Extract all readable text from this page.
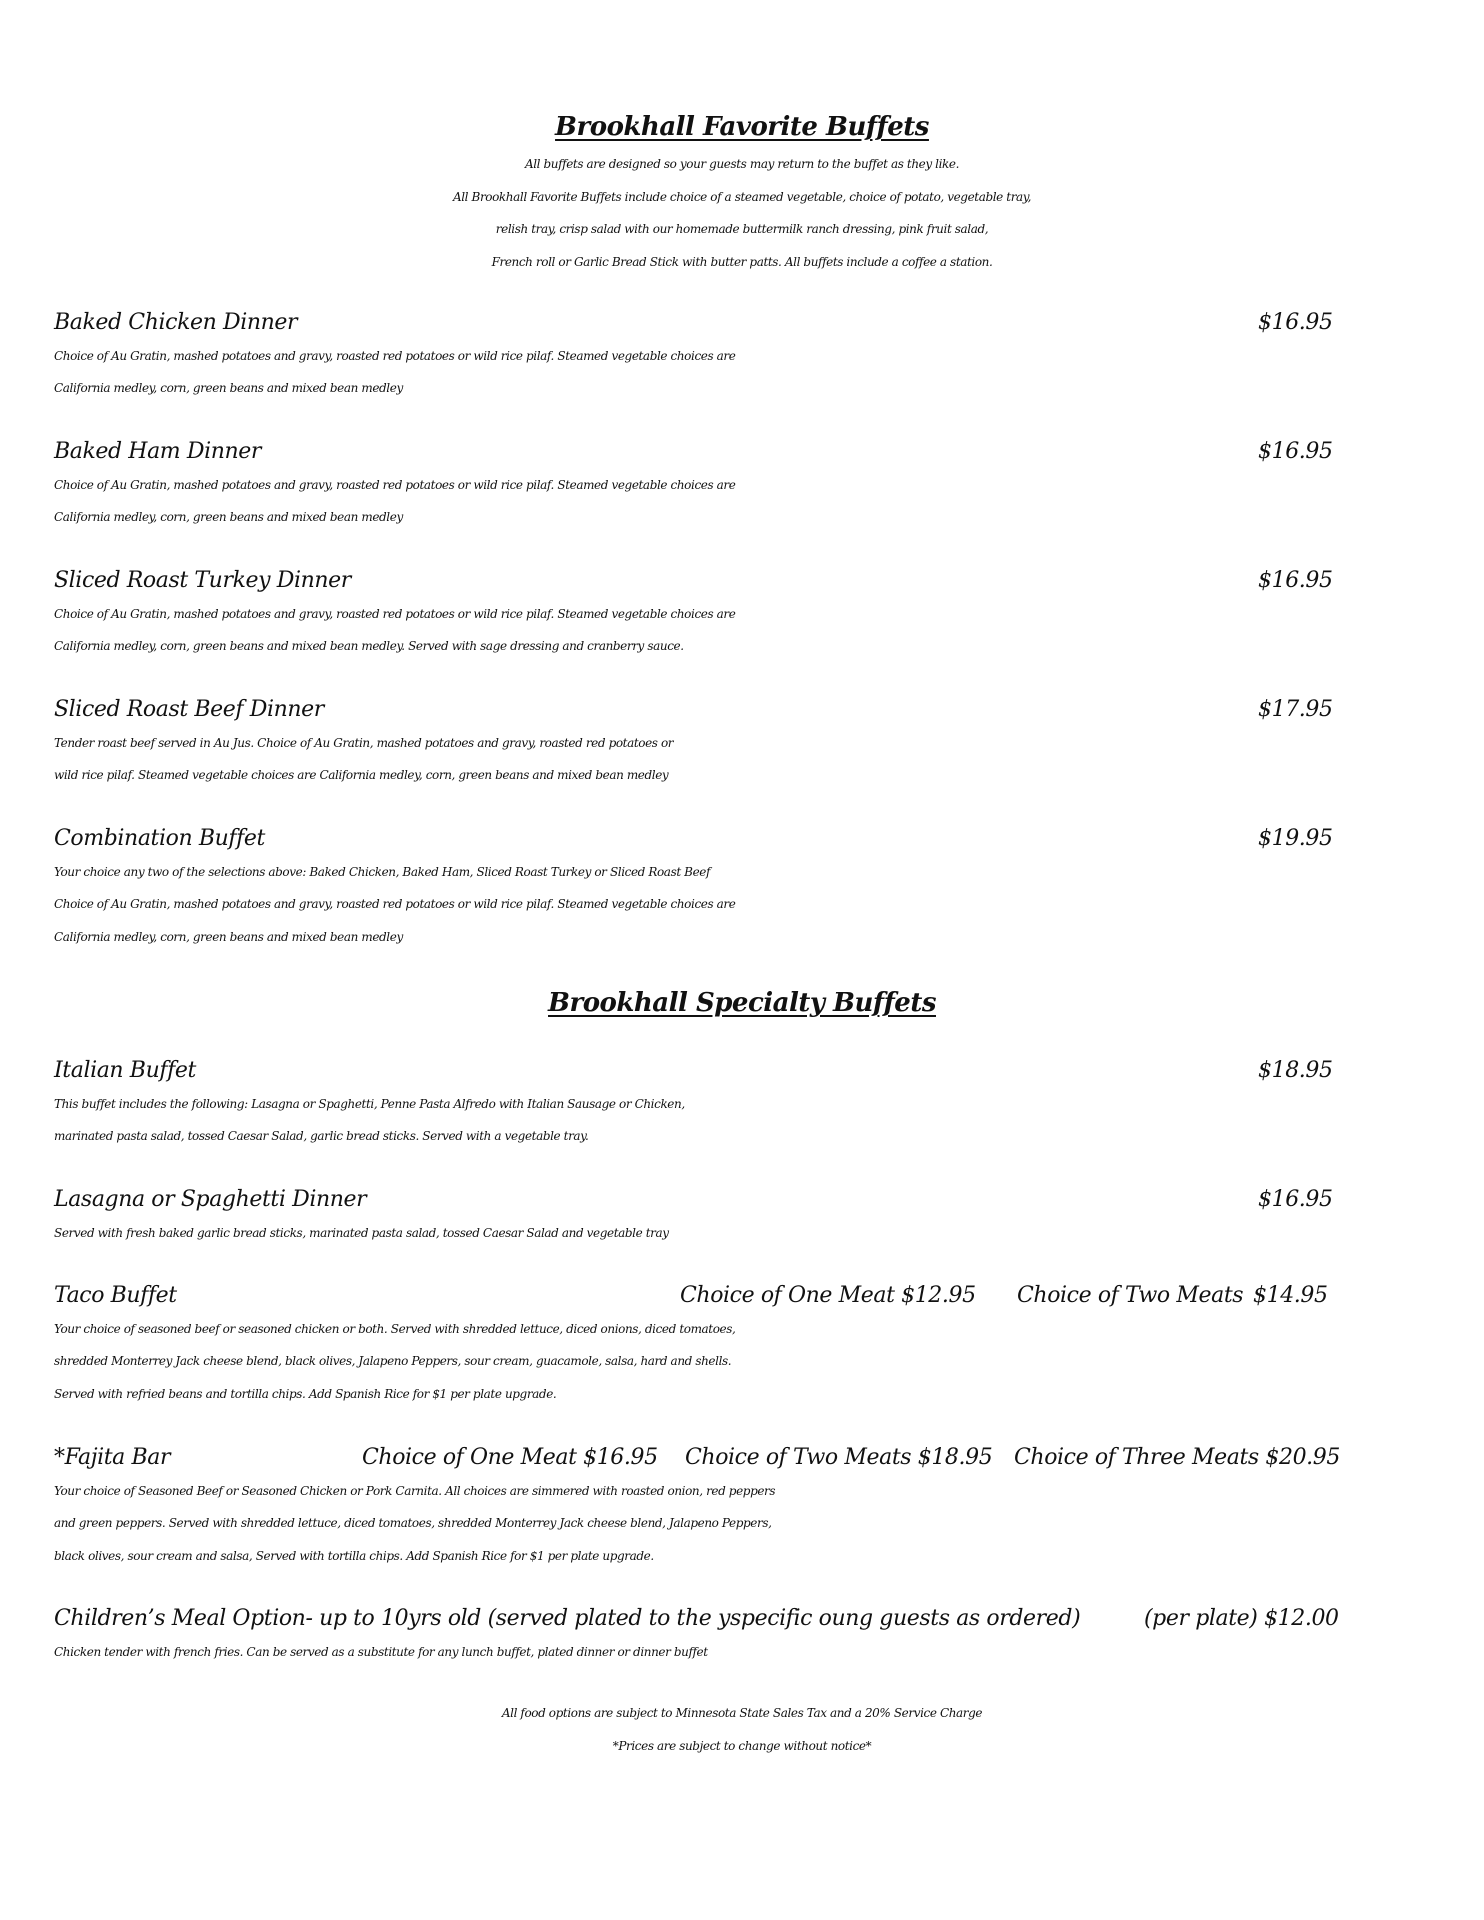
Brookhall Favorite Buffets
All buffets are designed so your guests may return to the buffet as they like.
All Brookhall Favorite Buffets include choice of a steamed vegetable, choice of potato, vegetable tray,
relish tray, crisp salad with our homemade buttermilk ranch dressing, pink fruit salad,
French roll or Garlic Bread Stick with butter patts. All buffets include a coffee a station.
Baked Chicken Dinner	$16.95
Choice of Au Gratin, mashed potatoes and gravy, roasted red potatoes or wild rice pilaf. Steamed vegetable choices are
California medley, corn, green beans and mixed bean medley
Baked Ham Dinner	$16.95
Choice of Au Gratin, mashed potatoes and gravy, roasted red potatoes or wild rice pilaf. Steamed vegetable choices are
California medley, corn, green beans and mixed bean medley
Sliced Roast Turkey Dinner	$16.95
Choice of Au Gratin, mashed potatoes and gravy, roasted red potatoes or wild rice pilaf. Steamed vegetable choices are
California medley, corn, green beans and mixed bean medley. Served with sage dressing and cranberry sauce.
Sliced Roast Beef Dinner	$17.95
Tender roast beef served in Au Jus. Choice of Au Gratin, mashed potatoes and gravy, roasted red potatoes or
wild rice pilaf. Steamed vegetable choices are California medley, corn, green beans and mixed bean medley
Combination Buffet	$19.95
Your choice any two of the selections above: Baked Chicken, Baked Ham, Sliced Roast Turkey or Sliced Roast Beef
Choice of Au Gratin, mashed potatoes and gravy, roasted red potatoes or wild rice pilaf. Steamed vegetable choices are
California medley, corn, green beans and mixed bean medley
Brookhall Specialty Buffets
Italian Buffet	$18.95
This buffet includes the following: Lasagna or Spaghetti, Penne Pasta Alfredo with Italian Sausage or Chicken,
marinated pasta salad, tossed Caesar Salad, garlic bread sticks. Served with a vegetable tray.
Lasagna or Spaghetti Dinner	$16.95
Served with fresh baked garlic bread sticks, marinated pasta salad, tossed Caesar Salad and vegetable tray
Taco Buffet	Choice of One Meat $12.95 Choice of Two Meats $14.95
Your choice of seasoned beef or seasoned chicken or both. Served with shredded lettuce, diced onions, diced tomatoes,
shredded Monterrey Jack cheese blend, black olives, Jalapeno Peppers, sour cream, guacamole, salsa, hard and shells.
Served with refried beans and tortilla chips. Add Spanish Rice for $1 per plate upgrade.
*Fajita Bar	Choice of One Meat $16.95 Choice of Two Meats $18.95 Choice of Three Meats $20.95
Your choice of Seasoned Beef or Seasoned Chicken or Pork Carnita. All choices are simmered with roasted onion, red peppers
and green peppers. Served with shredded lettuce, diced tomatoes, shredded Monterrey Jack cheese blend, Jalapeno Peppers,
black olives, sour cream and salsa, Served with tortilla chips. Add Spanish Rice for $1 per plate upgrade.
Children’s Meal Option- up to 10yrs old (served plated to the yspecific oung guests as ordered)	(per plate) $12.00
Chicken tender with french fries. Can be served as a substitute for any lunch buffet, plated dinner or dinner buffet
All food options are subject to Minnesota State Sales Tax and a 20% Service Charge
*Prices are subject to change without notice*
